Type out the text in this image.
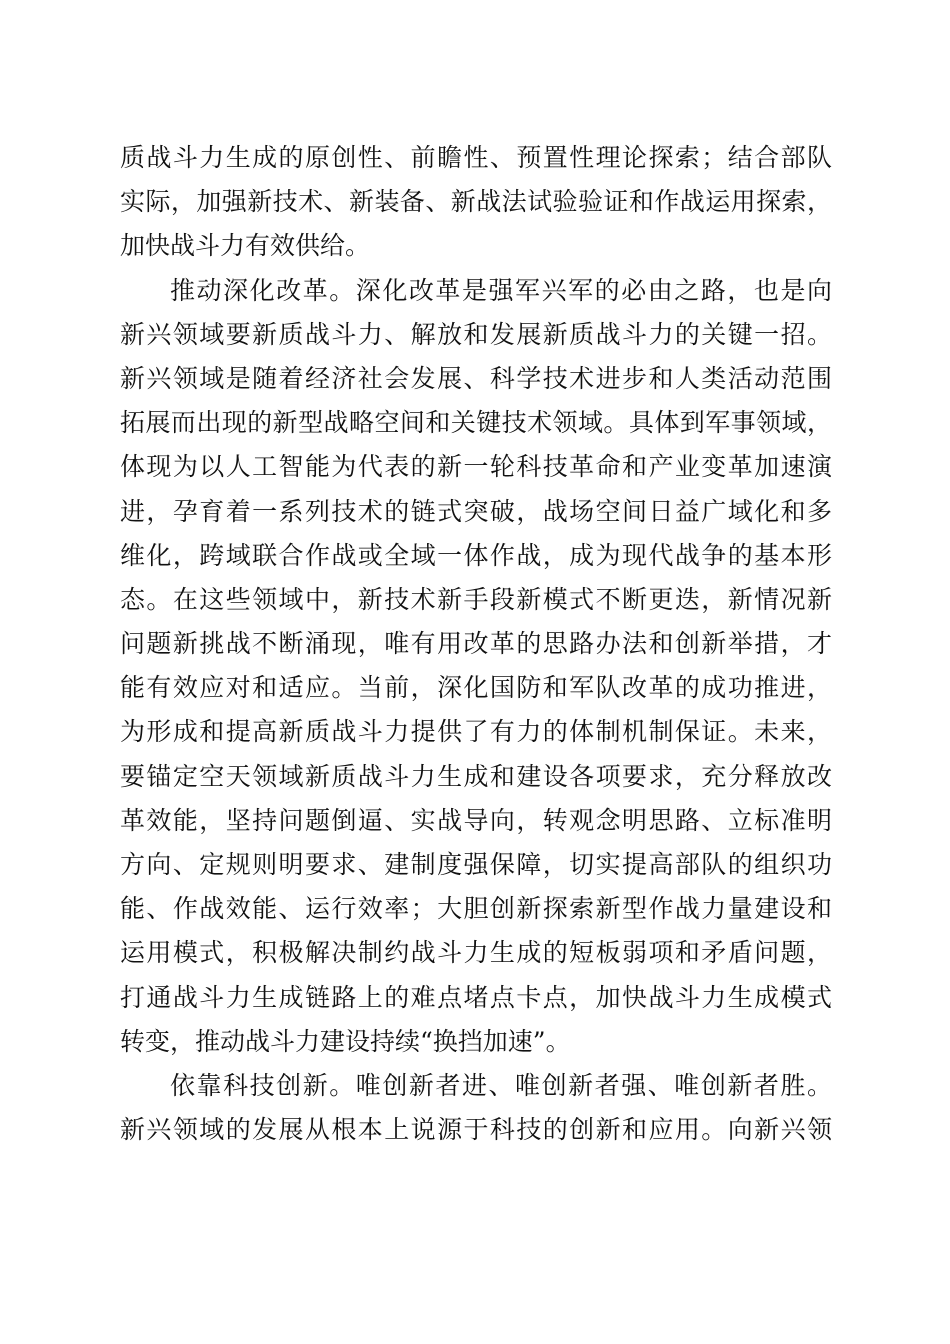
质战斗力生成的原创性、前瞻性、预置性理论探索；结合部队
实际，加强新技术、新装备、新战法试验验证和作战运用探索，
加快战斗力有效供给。
推动深化改革。深化改革是强军兴军的必由之路，也是向
新兴领域要新质战斗力、解放和发展新质战斗力的关键一招。
新兴领域是随着经济社会发展、科学技术进步和人类活动范围
拓展而出现的新型战略空间和关键技术领域。具体到军事领域，
体现为以人工智能为代表的新一轮科技革命和产业变革加速演
进，孕育着一系列技术的链式突破，战场空间日益广域化和多
维化，跨域联合作战或全域一体作战，成为现代战争的基本形
态。在这些领域中，新技术新手段新模式不断更迭，新情况新
问题新挑战不断涌现，唯有用改革的思路办法和创新举措，才
能有效应对和适应。当前，深化国防和军队改革的成功推进，
为形成和提高新质战斗力提供了有力的体制机制保证。未来，
要锚定空天领域新质战斗力生成和建设各项要求，充分释放改
革效能，坚持问题倒逼、实战导向，转观念明思路、立标准明
方向、定规则明要求、建制度强保障，切实提高部队的组织功
能、作战效能、运行效率；大胆创新探索新型作战力量建设和
运用模式，积极解决制约战斗力生成的短板弱项和矛盾问题，
打通战斗力生成链路上的难点堵点卡点，加快战斗力生成模式
转变，推动战斗力建设持续“换挡加速”。
依靠科技创新。唯创新者进、唯创新者强、唯创新者胜。
新兴领域的发展从根本上说源于科技的创新和应用。向新兴领
